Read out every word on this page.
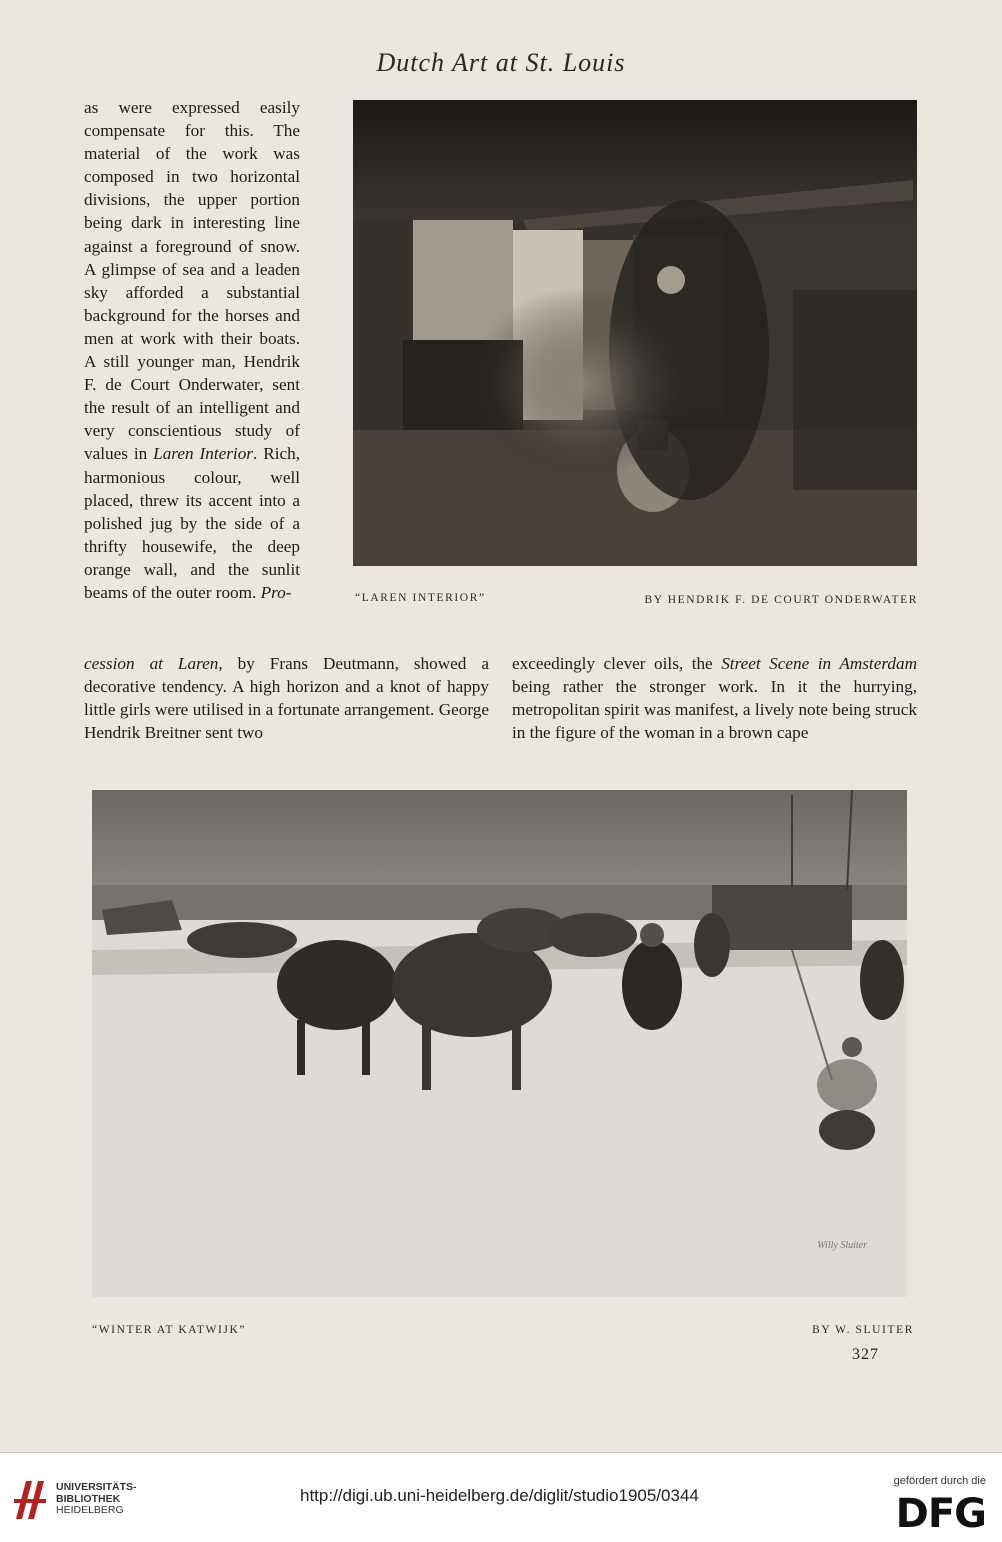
Dutch Art at St. Louis

as were expressed easily compensate for this. The material of the work was composed in two horizontal divisions, the upper portion being dark in interesting line against a foreground of snow. A glimpse of sea and a leaden sky afforded a substantial background for the horses and men at work with their boats. A still younger man, Hendrik F. de Court Onderwater, sent the result of an intelligent and very conscientious study of values in Laren Interior. Rich, harmonious colour, well placed, threw its accent into a polished jug by the side of a thrifty housewife, the deep orange wall, and the sunlit beams of the outer room. Pro-	“LAREN INTERIOR”	BY HENDRIK F. DE COURT ONDERWATER

cession at Laren, by Frans Deutmann, showed a decorative tendency. A high horizon and a knot of happy little girls were utilised in a fortunate arrangement. George Hendrik Breitner sent two

exceedingly clever oils, the Street Scene in Amsterdam being rather the stronger work. In it the hurrying, metropolitan spirit was manifest, a lively note being struck in the figure of the woman in a brown cape

Willy Sluiter
“WINTER AT KATWIJK”	BY W. SLUITER
327
UNIVERSITÄTS-
BIBLIOTHEK
HEIDELBERG
http://digi.ub.uni-heidelberg.de/diglit/studio1905/0344
gefördert durch die
DFG
